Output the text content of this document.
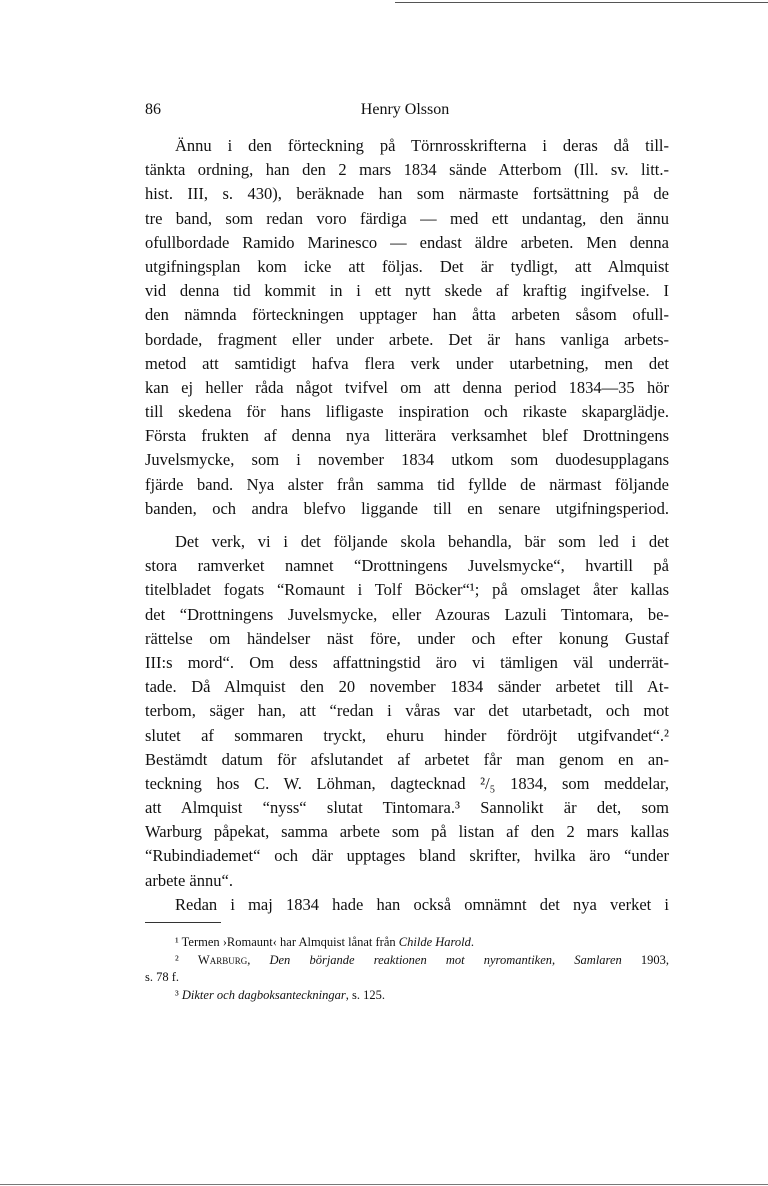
86	Henry Olsson
Ännu i den förteckning på Törnrosskrifterna i deras då till-
tänkta ordning, han den 2 mars 1834 sände Atterbom (Ill. sv. litt.-
hist. III, s. 430), beräknade han som närmaste fortsättning på de
tre band, som redan voro färdiga — med ett undantag, den ännu
ofullbordade Ramido Marinesco — endast äldre arbeten. Men denna
utgifningsplan kom icke att följas. Det är tydligt, att Almquist
vid denna tid kommit in i ett nytt skede af kraftig ingifvelse. I
den nämnda förteckningen upptager han åtta arbeten såsom ofull-
bordade, fragment eller under arbete. Det är hans vanliga arbets-
metod att samtidigt hafva flera verk under utarbetning, men det
kan ej heller råda något tvifvel om att denna period 1834—35 hör
till skedena för hans lifligaste inspiration och rikaste skaparglädje.
Första frukten af denna nya litterära verksamhet blef Drottningens
Juvelsmycke, som i november 1834 utkom som duodesupplagans
fjärde band. Nya alster från samma tid fyllde de närmast följande
banden, och andra blefvo liggande till en senare utgifningsperiod.
Det verk, vi i det följande skola behandla, bär som led i det
stora ramverket namnet “Drottningens Juvelsmycke“, hvartill på
titelbladet fogats “Romaunt i Tolf Böcker“¹; på omslaget åter kallas
det “Drottningens Juvelsmycke, eller Azouras Lazuli Tintomara, be-
rättelse om händelser näst före, under och efter konung Gustaf
III:s mord“. Om dess affattningstid äro vi tämligen väl underrät-
tade. Då Almquist den 20 november 1834 sänder arbetet till At-
terbom, säger han, att “redan i våras var det utarbetadt, och mot
slutet af sommaren tryckt, ehuru hinder fördröjt utgifvandet“.²
Bestämdt datum för afslutandet af arbetet får man genom en an-
teckning hos C. W. Löhman, dagtecknad ²/₅ 1834, som meddelar,
att Almquist “nyss“ slutat Tintomara.³ Sannolikt är det, som
Warburg påpekat, samma arbete som på listan af den 2 mars kallas
“Rubindiademet“ och där upptages bland skrifter, hvilka äro “under
arbete ännu“.
Redan i maj 1834 hade han också omnämnt det nya verket i
¹ Termen ›Romaunt‹ har Almquist lånat från Childe Harold.
² Warburg, Den börjande reaktionen mot nyromantiken, Samlaren 1903,
s. 78 f.
³ Dikter och dagboksanteckningar, s. 125.
